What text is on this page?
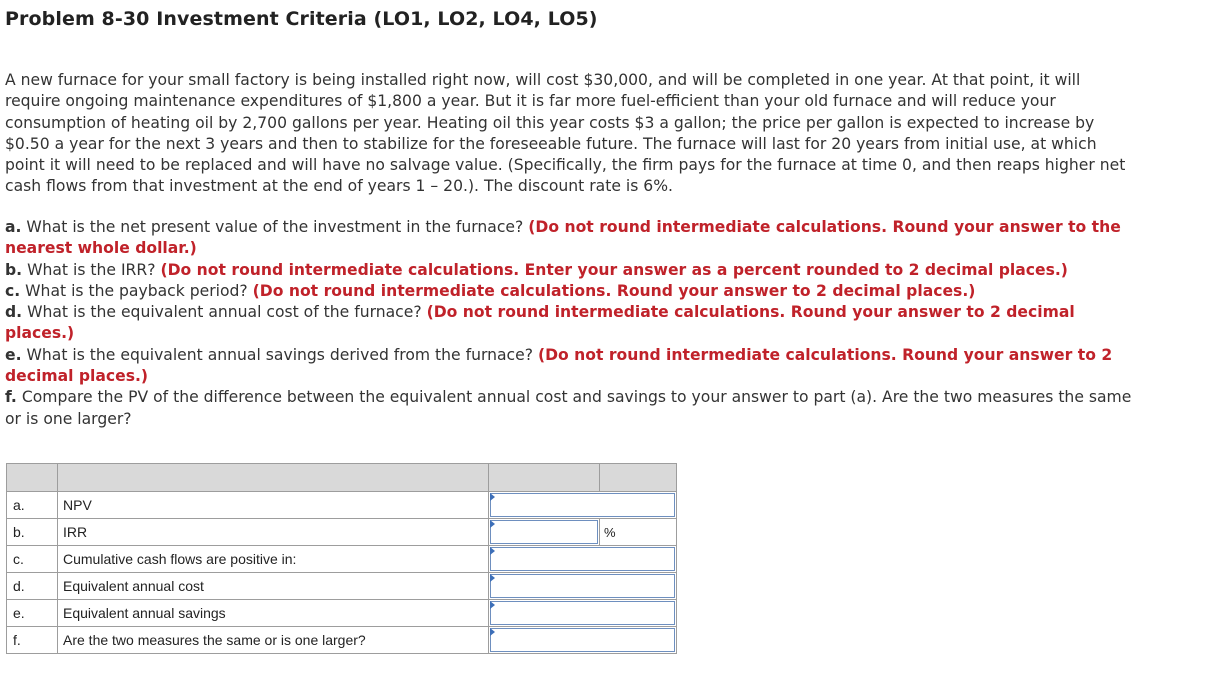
Problem 8-30 Investment Criteria (LO1, LO2, LO4, LO5)
A new furnace for your small factory is being installed right now, will cost $30,000, and will be completed in one year. At that point, it will require ongoing maintenance expenditures of $1,800 a year. But it is far more fuel-efficient than your old furnace and will reduce your consumption of heating oil by 2,700 gallons per year. Heating oil this year costs $3 a gallon; the price per gallon is expected to increase by $0.50 a year for the next 3 years and then to stabilize for the foreseeable future. The furnace will last for 20 years from initial use, at which point it will need to be replaced and will have no salvage value. (Specifically, the firm pays for the furnace at time 0, and then reaps higher net cash flows from that investment at the end of years 1 – 20.). The discount rate is 6%.

a. What is the net present value of the investment in the furnace? (Do not round intermediate calculations. Round your answer to the nearest whole dollar.)

b. What is the IRR? (Do not round intermediate calculations. Enter your answer as a percent rounded to 2 decimal places.)

c. What is the payback period? (Do not round intermediate calculations. Round your answer to 2 decimal places.)

d. What is the equivalent annual cost of the furnace? (Do not round intermediate calculations. Round your answer to 2 decimal places.)

e. What is the equivalent annual savings derived from the furnace? (Do not round intermediate calculations. Round your answer to 2 decimal places.)

f. Compare the PV of the difference between the equivalent annual cost and savings to your answer to part (a). Are the two measures the same or is one larger?

a.	NPV		

b.	IRR		%
c.	Cumulative cash flows are positive in:		

d.	Equivalent annual cost		

e.	Equivalent annual savings		

f.	Are the two measures the same or is one larger?		
